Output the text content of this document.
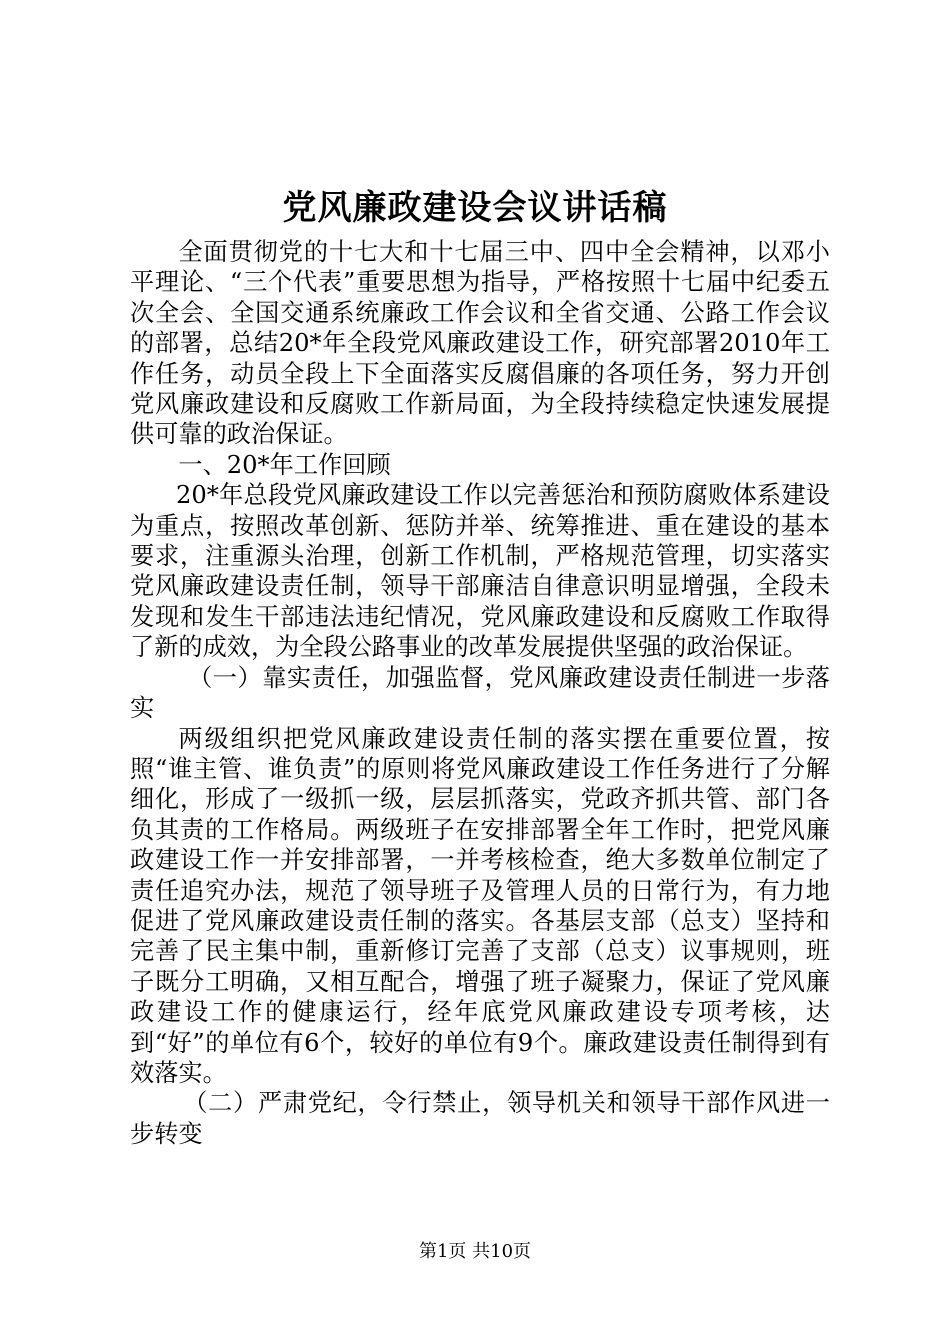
党风廉政建设会议讲话稿

全面贯彻党的十七大和十七届三中、四中全会精神，以邓小平理论、“三个代表”重要思想为指导，严格按照十七届中纪委五次全会、全国交通系统廉政工作会议和全省交通、公路工作会议的部署，总结20*年全段党风廉政建设工作，研究部署2010年工作任务，动员全段上下全面落实反腐倡廉的各项任务，努力开创党风廉政建设和反腐败工作新局面，为全段持续稳定快速发展提供可靠的政治保证。

一、20*年工作回顾

20*年总段党风廉政建设工作以完善惩治和预防腐败体系建设为重点，按照改革创新、惩防并举、统筹推进、重在建设的基本要求，注重源头治理，创新工作机制，严格规范管理，切实落实党风廉政建设责任制，领导干部廉洁自律意识明显增强，全段未发现和发生干部违法违纪情况，党风廉政建设和反腐败工作取得了新的成效，为全段公路事业的改革发展提供坚强的政治保证。

（一）靠实责任，加强监督，党风廉政建设责任制进一步落实

两级组织把党风廉政建设责任制的落实摆在重要位置，按照“谁主管、谁负责”的原则将党风廉政建设工作任务进行了分解细化，形成了一级抓一级，层层抓落实，党政齐抓共管、部门各负其责的工作格局。两级班子在安排部署全年工作时，把党风廉政建设工作一并安排部署，一并考核检查，绝大多数单位制定了责任追究办法，规范了领导班子及管理人员的日常行为，有力地促进了党风廉政建设责任制的落实。各基层支部（总支）坚持和完善了民主集中制，重新修订完善了支部（总支）议事规则，班子既分工明确，又相互配合，增强了班子凝聚力，保证了党风廉政建设工作的健康运行，经年底党风廉政建设专项考核，达到“好”的单位有6个，较好的单位有9个。廉政建设责任制得到有效落实。

（二）严肃党纪，令行禁止，领导机关和领导干部作风进一步转变

第1页 共10页
